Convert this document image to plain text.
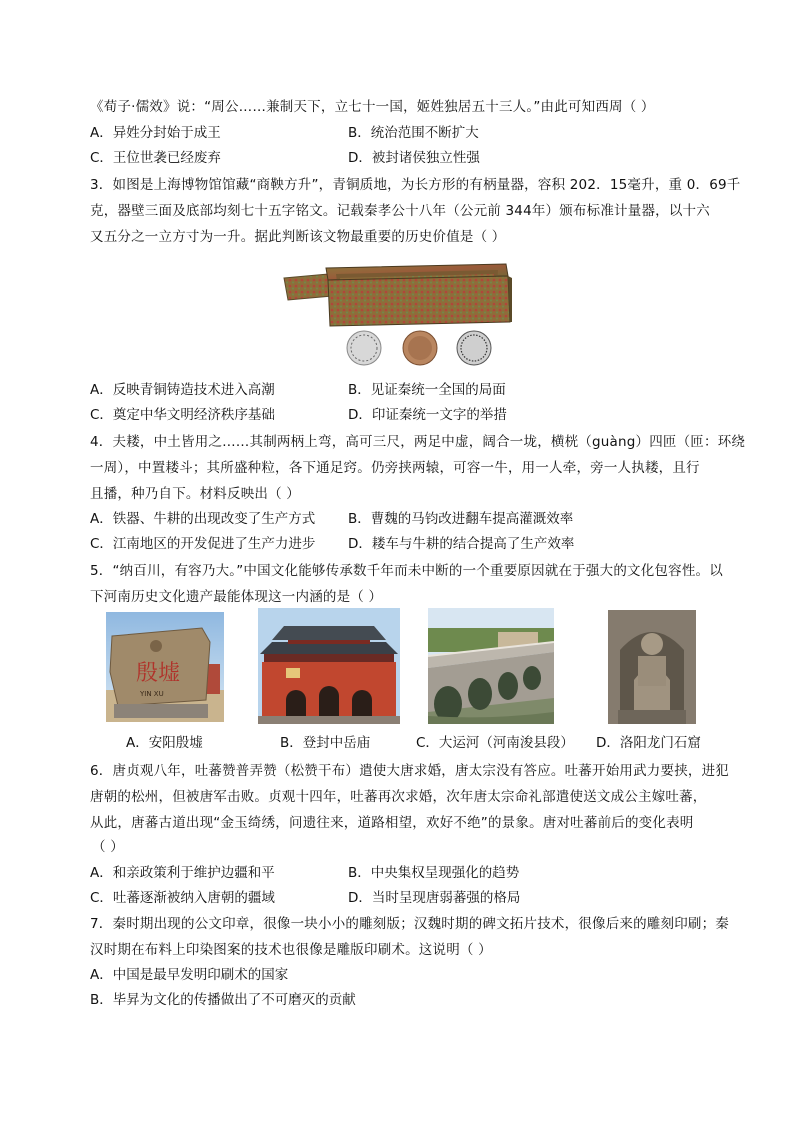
《荀子·儒效》说：“周公……兼制天下，立七十一国，姬姓独居五十三人。”由此可知西周（ ）
A．异姓分封始于成王	B．统治范围不断扩大
C．王位世袭已经废弃	D．被封诸侯独立性强
3．如图是上海博物馆馆藏“商鞅方升”，青铜质地，为长方形的有柄量器，容积 202．15毫升，重 0．69千
克，器壁三面及底部均刻七十五字铭文。记载秦孝公十八年（公元前 344年）颁布标准计量器，以十六
又五分之一立方寸为一升。据此判断该文物最重要的历史价值是（ ）
A．反映青铜铸造技术进入高潮	B．见证秦统一全国的局面
C．奠定中华文明经济秩序基础	D．印证秦统一文字的举措
4．夫耧，中土皆用之……其制两柄上弯，高可三尺，两足中虚，阔合一垅，横桄（guàng）四匝（匝：环绕
一周），中置耧斗；其所盛种粒，各下通足窍。仍旁挟两辕，可容一牛，用一人牵，旁一人执耧，且行
且播，种乃自下。材料反映出（ ）
A．铁器、牛耕的出现改变了生产方式 B．曹魏的马钧改进翻车提高灌溉效率
C．江南地区的开发促进了生产力进步 D．耧车与牛耕的结合提高了生产效率
5．“纳百川，有容乃大。”中国文化能够传承数千年而未中断的一个重要原因就在于强大的文化包容性。以
下河南历史文化遗产最能体现这一内涵的是（ ）
殷墟
YIN XU
A．安阳殷墟	B．登封中岳庙	C．大运河（河南浚县段） D．洛阳龙门石窟
6．唐贞观八年，吐蕃赞普弄赞（松赞干布）遣使大唐求婚，唐太宗没有答应。吐蕃开始用武力要挟，进犯
唐朝的松州，但被唐军击败。贞观十四年，吐蕃再次求婚，次年唐太宗命礼部遣使送文成公主嫁吐蕃，
从此，唐蕃古道出现“金玉绮绣，问遗往来，道路相望，欢好不绝”的景象。唐对吐蕃前后的变化表明
（ ）
A．和亲政策利于维护边疆和平	B．中央集权呈现强化的趋势
C．吐蕃逐渐被纳入唐朝的疆域	D．当时呈现唐弱蕃强的格局
7．秦时期出现的公文印章，很像一块小小的雕刻版；汉魏时期的碑文拓片技术，很像后来的雕刻印刷；秦
汉时期在布料上印染图案的技术也很像是雕版印刷术。这说明（ ）
A．中国是最早发明印刷术的国家
B．毕昇为文化的传播做出了不可磨灭的贡献
